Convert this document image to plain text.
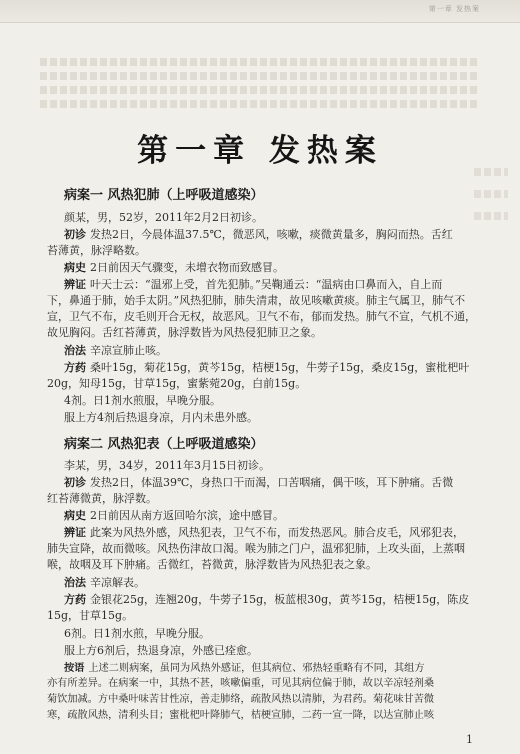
第一章 发热案
第一章 发热案
病案一 风热犯肺（上呼吸道感染）
颜某，男，52岁，2011年2月2日初诊。
初诊 发热2日，今晨体温37.5℃，微恶风，咳嗽，痰微黄量多，胸闷而热。舌红
苔薄黄，脉浮略数。
病史 2日前因天气骤变，未增衣物而致感冒。
辨证 叶天士云：“温邪上受，首先犯肺。”吴鞠通云：“温病由口鼻而入，自上而
下，鼻通于肺，始手太阴。”风热犯肺，肺失清肃，故见咳嗽黄痰。肺主气属卫，肺气不
宣，卫气不布，皮毛则开合无权，故恶风。卫气不布，郁而发热。肺气不宣，气机不通，
故见胸闷。舌红苔薄黄，脉浮数皆为风热侵犯肺卫之象。
治法 辛凉宣肺止咳。
方药 桑叶15g，菊花15g，黄芩15g，桔梗15g，牛蒡子15g，桑皮15g，蜜枇杷叶
20g，知母15g，甘草15g，蜜紫菀20g，白前15g。
4剂。日1剂水煎服，早晚分服。
服上方4剂后热退身凉，月内未患外感。
病案二 风热犯表（上呼吸道感染）
李某，男，34岁，2011年3月15日初诊。
初诊 发热2日，体温39℃，身热口干而渴，口苦咽痛，偶干咳，耳下肿痛。舌微
红苔薄微黄，脉浮数。
病史 2日前因从南方返回哈尔滨，途中感冒。
辨证 此案为风热外感，风热犯表，卫气不布，而发热恶风。肺合皮毛，风邪犯表，
肺失宣降，故而微咳。风热伤津故口渴。喉为肺之门户，温邪犯肺，上攻头面，上蒸咽
喉，故咽及耳下肿痛。舌微红，苔微黄，脉浮数皆为风热犯表之象。
治法 辛凉解表。
方药 金银花25g，连翘20g，牛蒡子15g，板蓝根30g，黄芩15g，桔梗15g，陈皮
15g，甘草15g。
6剂。日1剂水煎，早晚分服。
服上方6剂后，热退身凉，外感已痊愈。
按语 上述二则病案，虽同为风热外感证，但其病位、邪热轻重略有不同，其组方
亦有所差异。在病案一中，其热不甚，咳嗽偏重，可见其病位偏于肺，故以辛凉轻剂桑
菊饮加减。方中桑叶味苦甘性凉，善走肺络，疏散风热以清肺，为君药。菊花味甘苦微
寒，疏散风热，清利头目；蜜枇杷叶降肺气，桔梗宣肺，二药一宣一降，以达宣肺止咳
1
